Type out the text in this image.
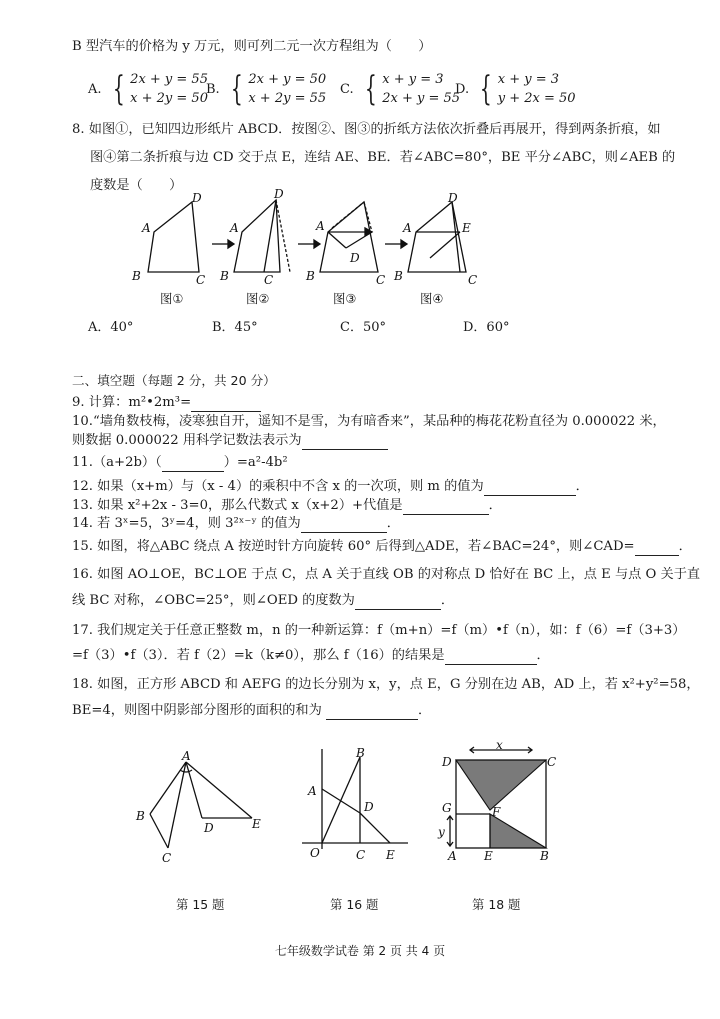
B 型汽车的价格为 y 万元，则可列二元一次方程组为（　　）
A. { 2x + y = 55
x + 2y = 50
B. { 2x + y = 50
x + 2y = 55
C. { x + y = 3
2x + y = 55
D. { x + y = 3
y + 2x = 50
8. 如图①，已知四边形纸片 ABCD．按图②、图③的折纸方法依次折叠后再展开，得到两条折痕，如
图④第二条折痕与边 CD 交于点 E，连结 AE、BE．若∠ABC=80°，BE 平分∠ABC，则∠AEB 的
度数是（　　）
A
D
B	C
A
D
B	C
A
D
B	C
A
D
E
B	C
图①	图②	图③	图④
A．40°	B．45°	C．50°	D．60°
二、填空题（每题 2 分，共 20 分）
9. 计算：m²•2m³=
10.“墙角数枝梅，凌寒独自开，遥知不是雪，为有暗香来”，某品种的梅花花粉直径为 0.000022 米，
则数据 0.000022 用科学记数法表示为
11.（a+2b）（	）=a²-4b²
12. 如果（x+m）与（x - 4）的乘积中不含 x 的一次项，则 m 的值为	．
13. 如果 x²+2x - 3=0，那么代数式 x（x+2）+代值是	．
14. 若 3ˣ=5，3ʸ=4，则 3²ˣ⁻ʸ 的值为	．
15. 如图，将△ABC 绕点 A 按逆时针方向旋转 60° 后得到△ADE，若∠BAC=24°，则∠CAD=	．
16. 如图 AO⊥OE，BC⊥OE 于点 C，点 A 关于直线 OB 的对称点 D 恰好在 BC 上，点 E 与点 O 关于直
线 BC 对称，∠OBC=25°，则∠OED 的度数为	．
17. 我们规定关于任意正整数 m，n 的一种新运算：f（m+n）=f（m）•f（n），如：f（6）=f（3+3）
=f（3）•f（3）．若 f（2）=k（k≠0），那么 f（16）的结果是	．
18. 如图，正方形 ABCD 和 AEFG 的边长分别为 x，y，点 E，G 分别在边 AB，AD 上，若 x²+y²=58，
BE=4，则图中阴影部分图形的面积的和为	．
A
B
C
D	E
B
A
D
O	C E
x
D	C
G	F
y
A E	B
第 15 题	第 16 题	第 18 题
七年级数学试卷 第 2 页 共 4 页
